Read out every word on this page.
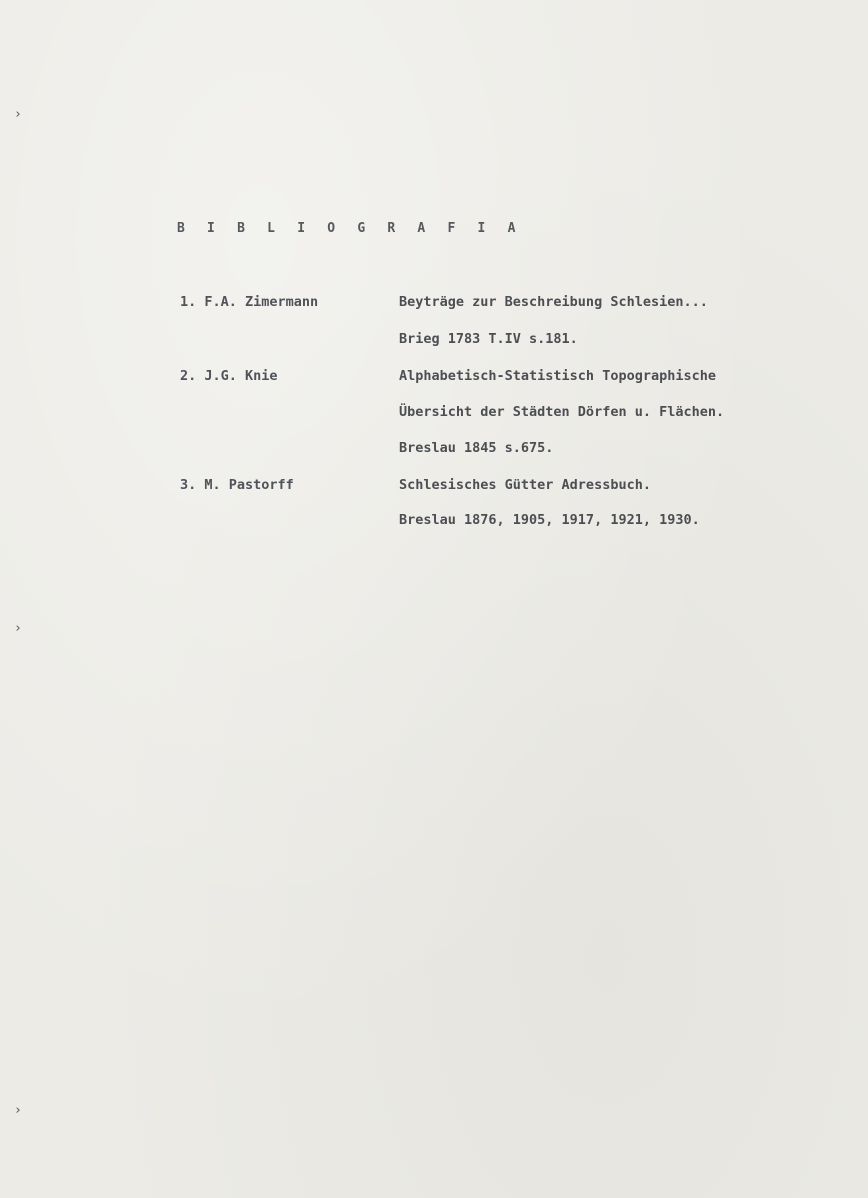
›
›
›
B I B L I O G R A F I A
1. F.A. Zimermann	Beyträge zur Beschreibung Schlesien...
Brieg 1783 T.IV s.181.
2. J.G. Knie	Alphabetisch-Statistisch Topographische
Übersicht der Städten Dörfen u. Flächen.
Breslau 1845 s.675.
3. M. Pastorff	Schlesisches Gütter Adressbuch.
Breslau 1876, 1905, 1917, 1921, 1930.
